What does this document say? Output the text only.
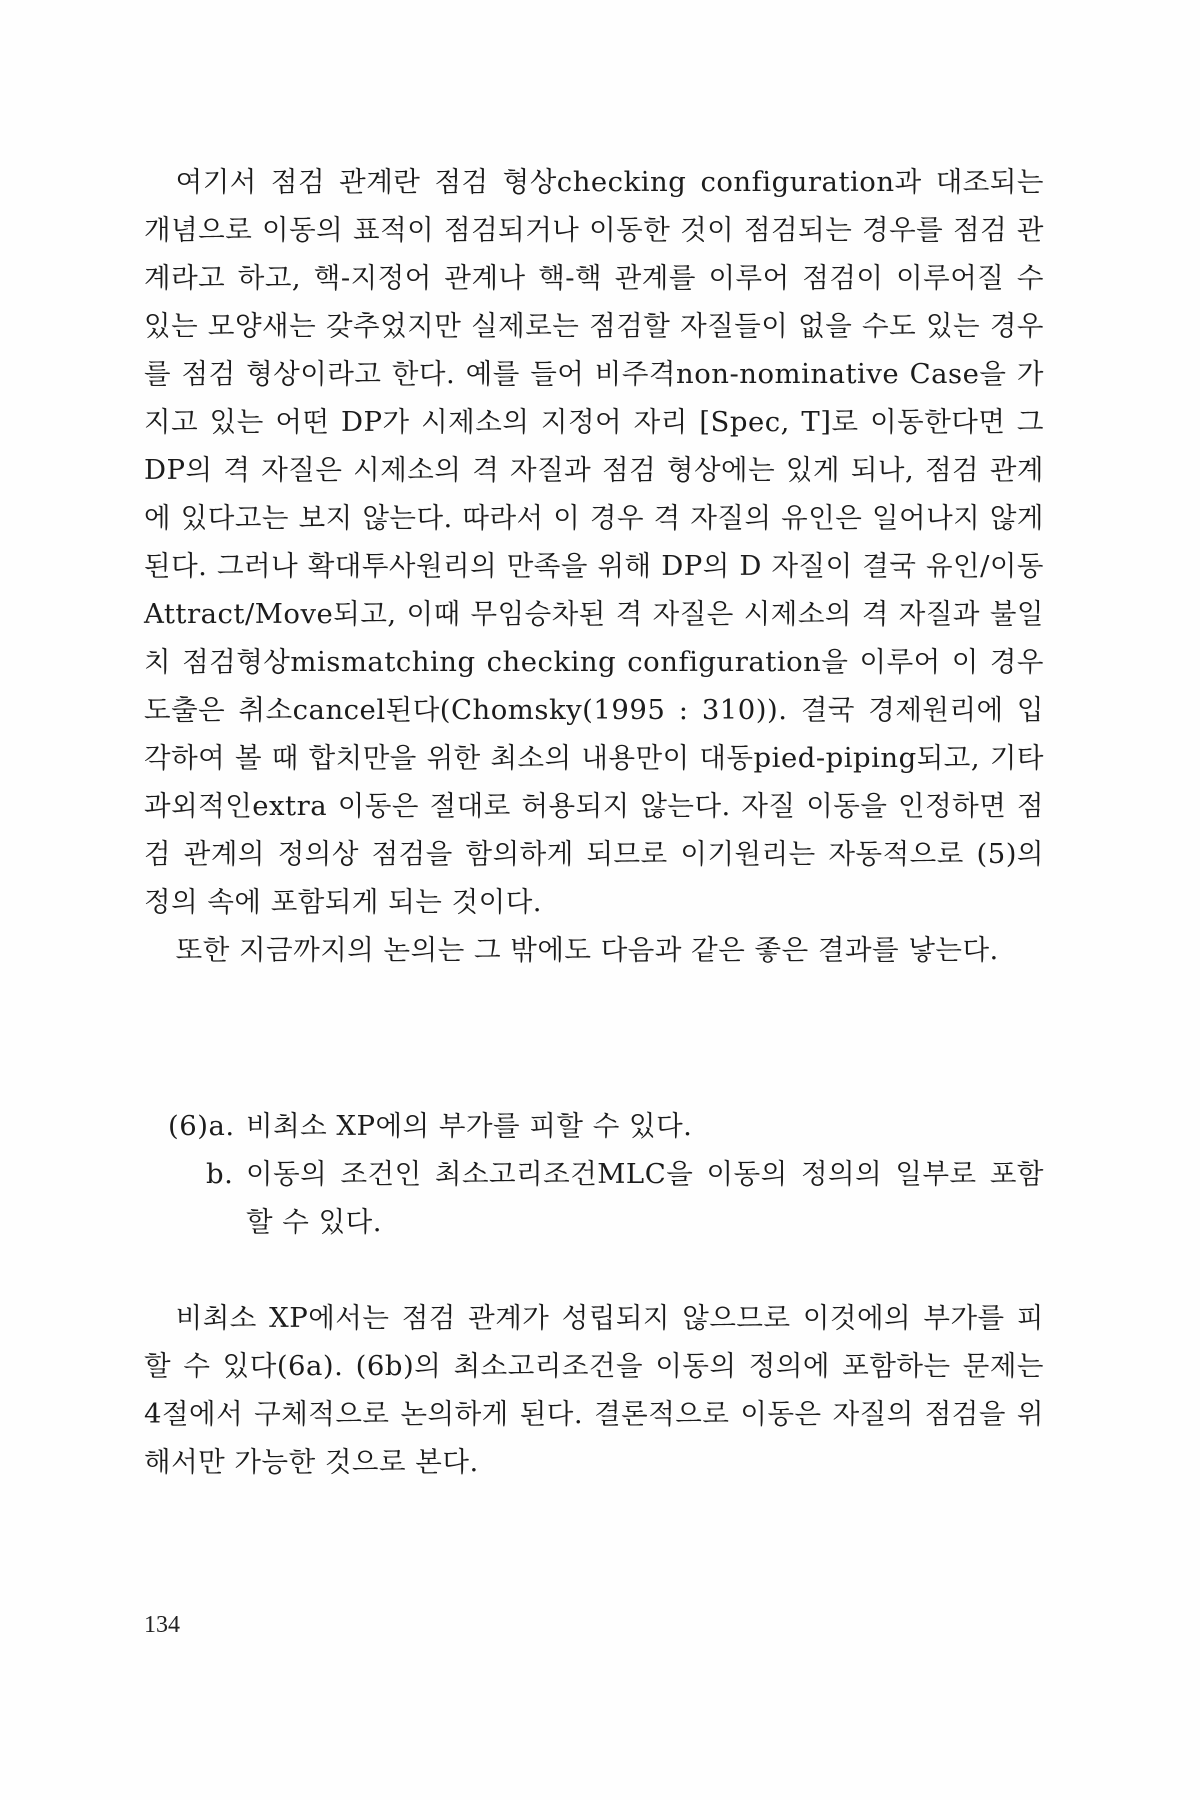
여기서 점검 관계란 점검 형상checking configuration과 대조되는 개념으로 이동의 표적이 점검되거나 이동한 것이 점검되는 경우를 점검 관계라고 하고, 핵-지정어 관계나 핵-핵 관계를 이루어 점검이 이루어질 수 있는 모양새는 갖추었지만 실제로는 점검할 자질들이 없을 수도 있는 경우를 점검 형상이라고 한다. 예를 들어 비주격non-nominative Case을 가지고 있는 어떤 DP가 시제소의 지정어 자리 [Spec, T]로 이동한다면 그 DP의 격 자질은 시제소의 격 자질과 점검 형상에는 있게 되나, 점검 관계에 있다고는 보지 않는다. 따라서 이 경우 격 자질의 유인은 일어나지 않게 된다. 그러나 확대투사원리의 만족을 위해 DP의 D 자질이 결국 유인/이동Attract/Move되고, 이때 무임승차된 격 자질은 시제소의 격 자질과 불일치 점검형상mismatching checking configuration을 이루어 이 경우 도출은 취소cancel된다(Chomsky(1995 : 310)). 결국 경제원리에 입각하여 볼 때 합치만을 위한 최소의 내용만이 대동pied-piping되고, 기타 과외적인extra 이동은 절대로 허용되지 않는다. 자질 이동을 인정하면 점검 관계의 정의상 점검을 함의하게 되므로 이기원리는 자동적으로 (5)의 정의 속에 포함되게 되는 것이다.

또한 지금까지의 논의는 그 밖에도 다음과 같은 좋은 결과를 낳는다.

(6)a. 비최소 XP에의 부가를 피할 수 있다.
b. 이동의 조건인 최소고리조건MLC을 이동의 정의의 일부로 포함할 수 있다.

비최소 XP에서는 점검 관계가 성립되지 않으므로 이것에의 부가를 피할 수 있다(6a). (6b)의 최소고리조건을 이동의 정의에 포함하는 문제는 4절에서 구체적으로 논의하게 된다. 결론적으로 이동은 자질의 점검을 위해서만 가능한 것으로 본다.

134
